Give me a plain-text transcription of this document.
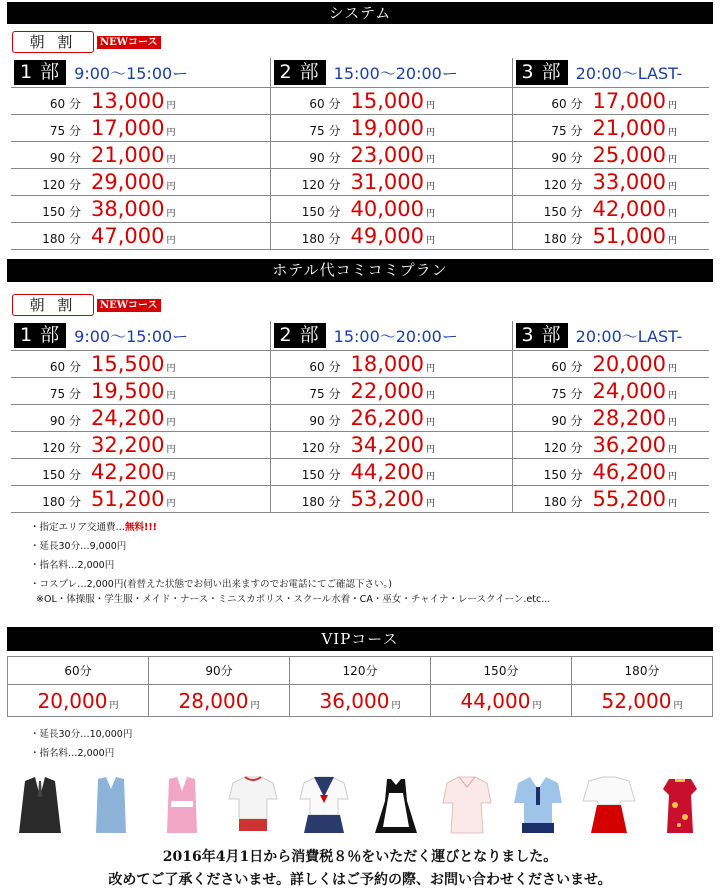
システム
朝 割	NEWコース
1 部 9:00〜15:00ー	2 部 15:00〜20:00ー	3 部 20:00〜LAST-

60 分 13,000 円	60 分 15,000 円	60 分 17,000 円

75 分 17,000 円	75 分 19,000 円	75 分 21,000 円

90 分 21,000 円	90 分 23,000 円	90 分 25,000 円

120 分 29,000 円	120 分 31,000 円	120 分 33,000 円

150 分 38,000 円	150 分 40,000 円	150 分 42,000 円

180 分 47,000 円	180 分 49,000 円	180 分 51,000 円
ホテル代コミコミプラン
朝 割	NEWコース
1 部 9:00〜15:00ー	2 部 15:00〜20:00ー	3 部 20:00〜LAST-

60 分 15,500 円	60 分 18,000 円	60 分 20,000 円

75 分 19,500 円	75 分 22,000 円	75 分 24,000 円

90 分 24,200 円	90 分 26,200 円	90 分 28,200 円

120 分 32,200 円	120 分 34,200 円	120 分 36,200 円

150 分 42,200 円	150 分 44,200 円	150 分 46,200 円

180 分 51,200 円	180 分 53,200 円	180 分 55,200 円
・指定エリア交通費…無料!!!
・延長30分…9,000円
・指名料…2,000円
・コスプレ…2,000円(着替えた状態でお伺い出来ますのでお電話にてご確認下さい。)
※OL・体操服・学生服・メイド・ナース・ミニスカポリス・スクール水着・CA・巫女・チャイナ・レースクイーン.etc...
VIPコース
60分	90分	120分	150分	180分
20,000 円	28,000 円	36,000 円	44,000 円	52,000 円
・延長30分…10,000円
・指名料…2,000円
2016年4月1日から消費税８％をいただく運びとなりました。
改めてご了承くださいませ。詳しくはご予約の際、お問い合わせくださいませ。
